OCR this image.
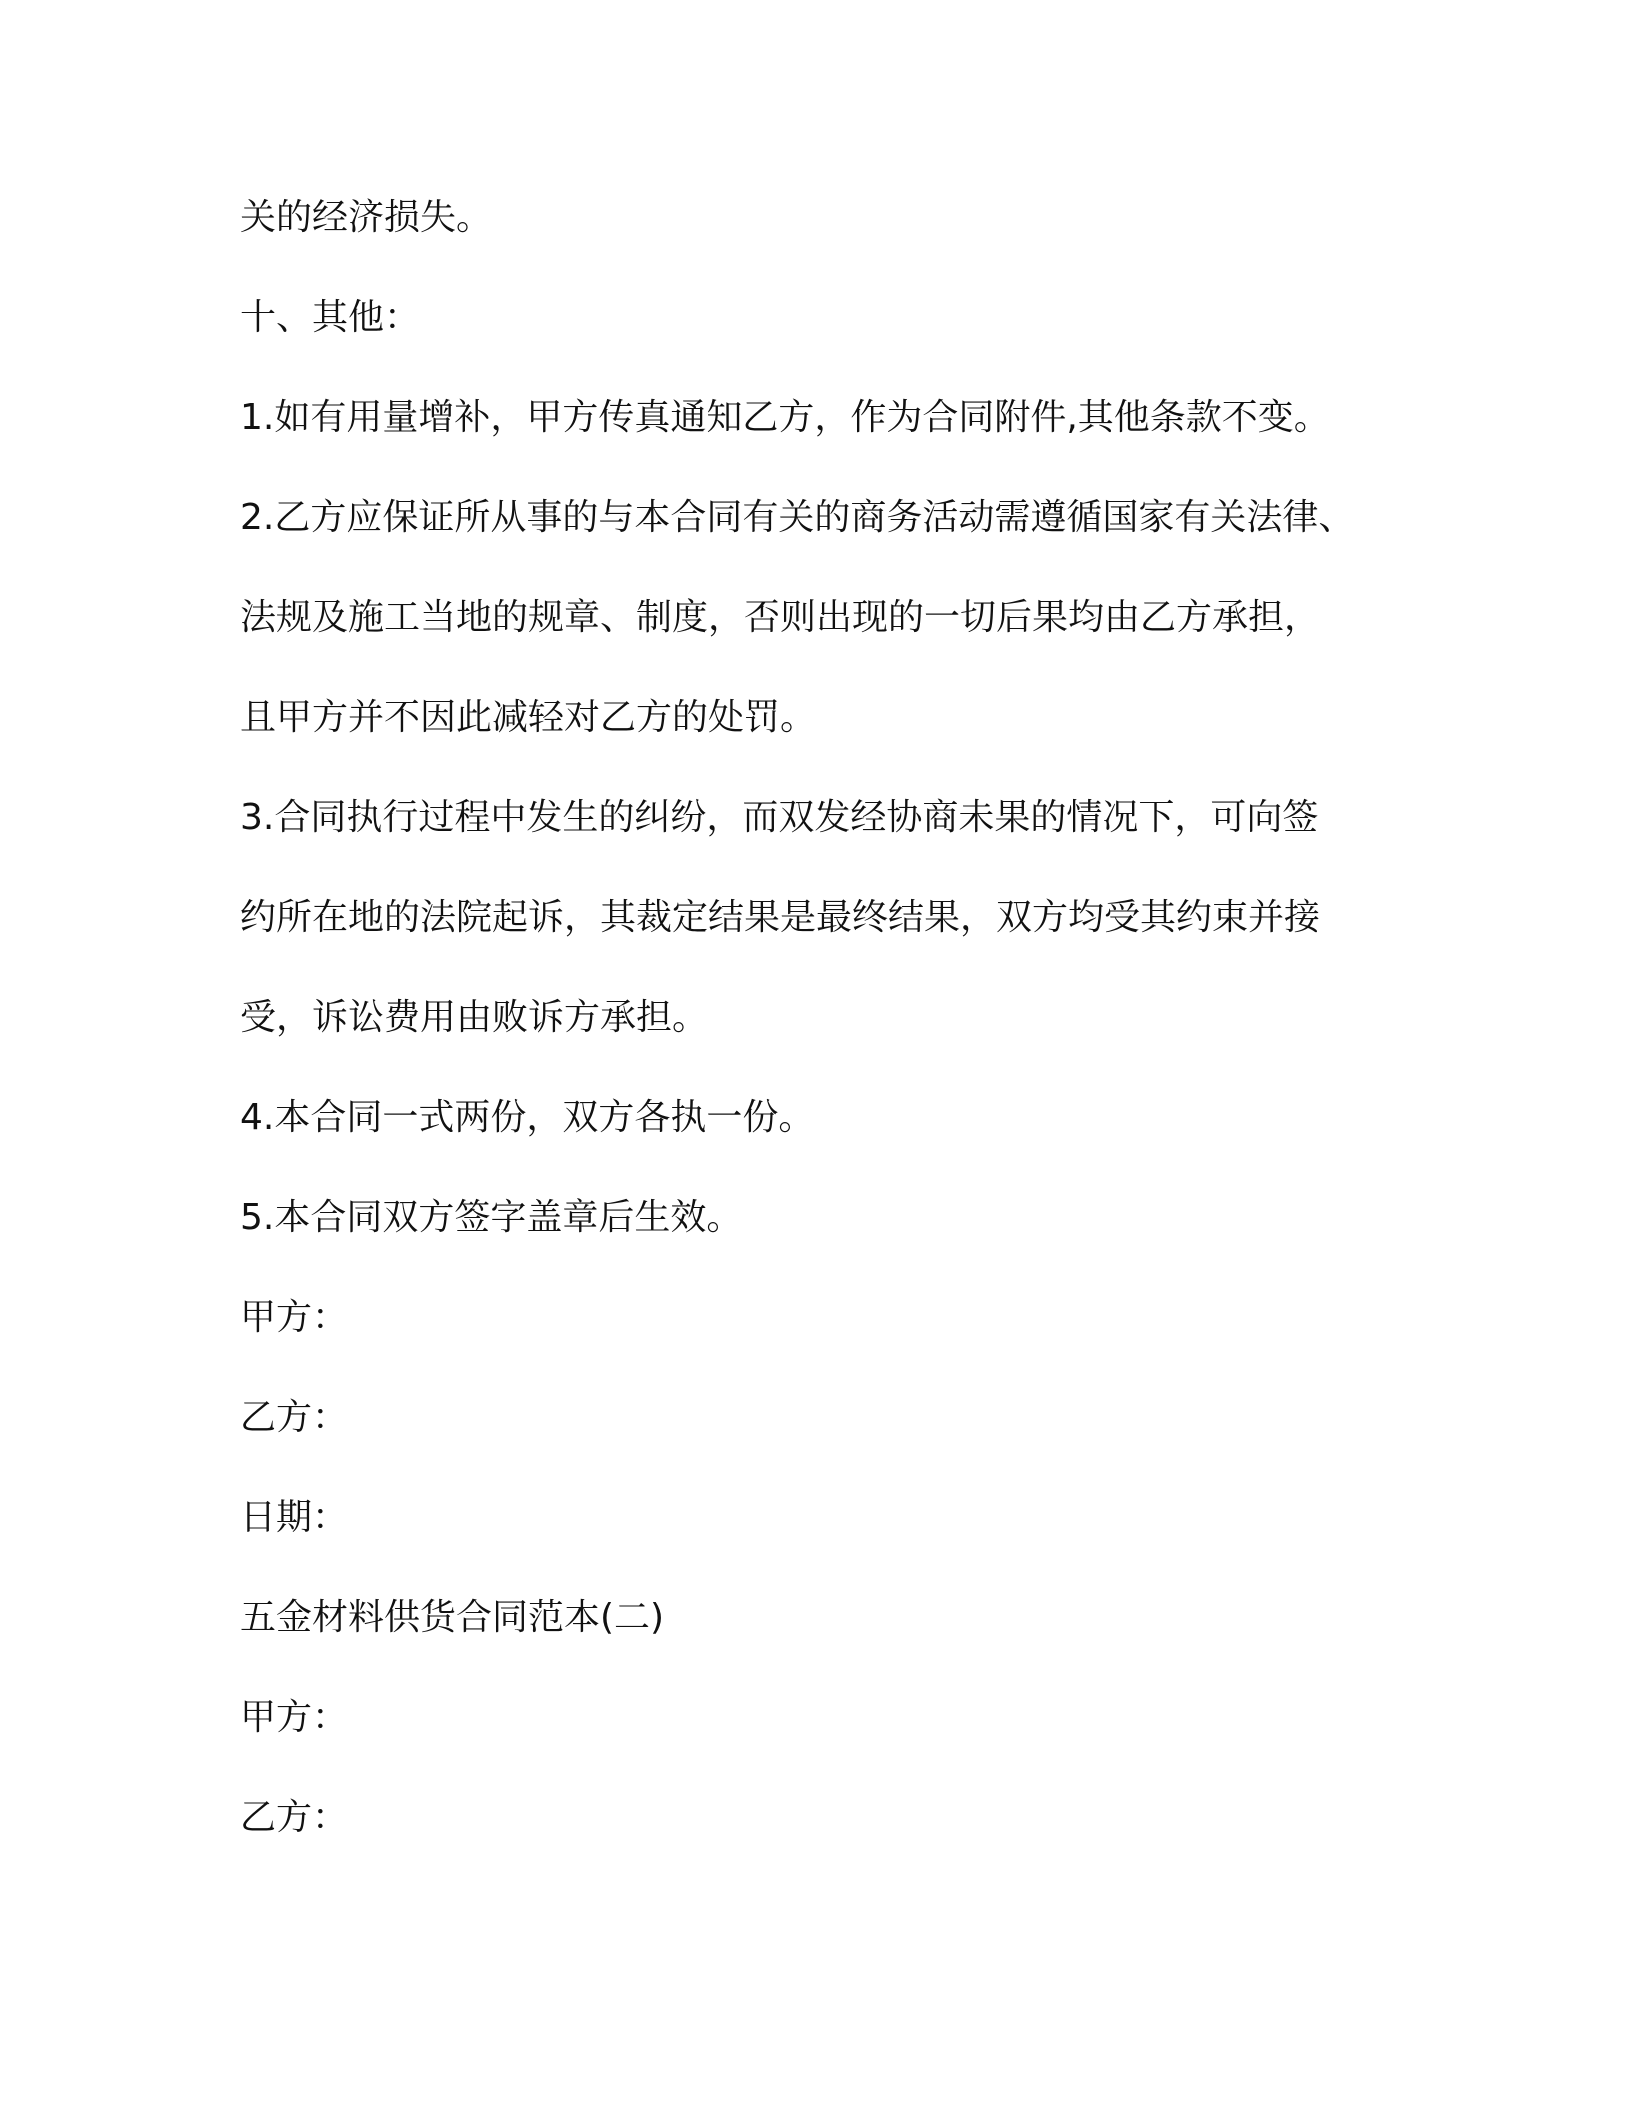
关的经济损失。
十、其他：
1.如有用量增补，甲方传真通知乙方，作为合同附件,其他条款不变。
2.乙方应保证所从事的与本合同有关的商务活动需遵循国家有关法律、
法规及施工当地的规章、制度，否则出现的一切后果均由乙方承担，
且甲方并不因此减轻对乙方的处罚。
3.合同执行过程中发生的纠纷，而双发经协商未果的情况下，可向签
约所在地的法院起诉，其裁定结果是最终结果，双方均受其约束并接
受，诉讼费用由败诉方承担。
4.本合同一式两份，双方各执一份。
5.本合同双方签字盖章后生效。
甲方：
乙方：
日期：
五金材料供货合同范本(二)
甲方：
乙方：
